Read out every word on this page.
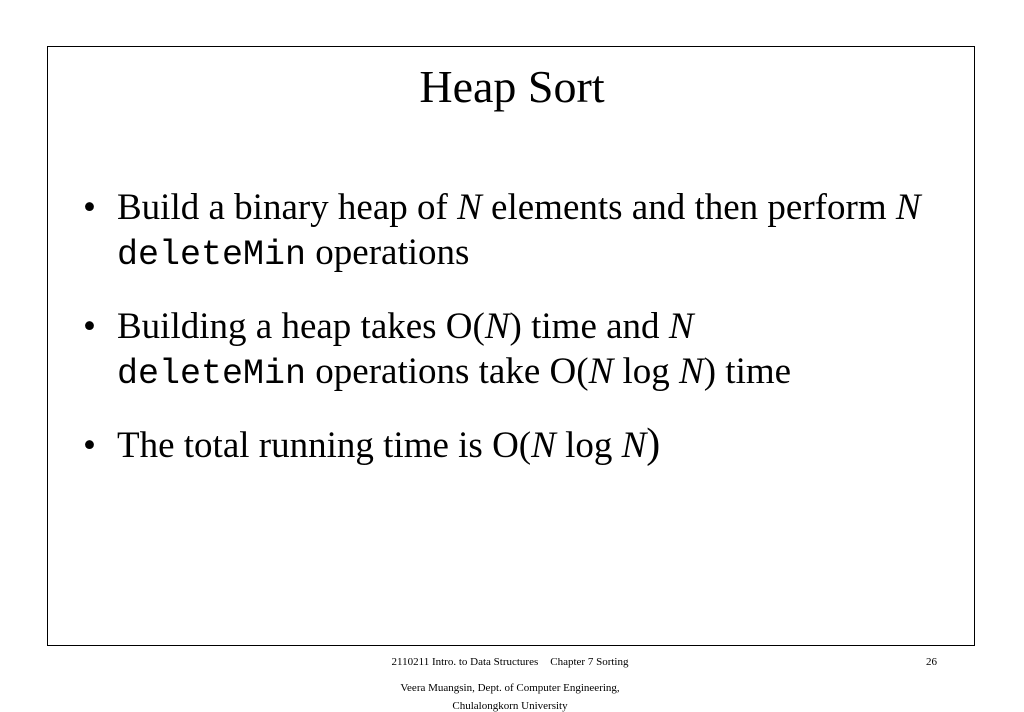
Heap Sort
• Build a binary heap of N elements and then perform N deleteMin operations
• Building a heap takes O(N) time and N
deleteMin operations take O(N log N) time
• The total running time is O(N log N)
2110211 Intro. to Data Structures Chapter 7 Sorting
Veera Muangsin, Dept. of Computer Engineering,
Chulalongkorn University
26
